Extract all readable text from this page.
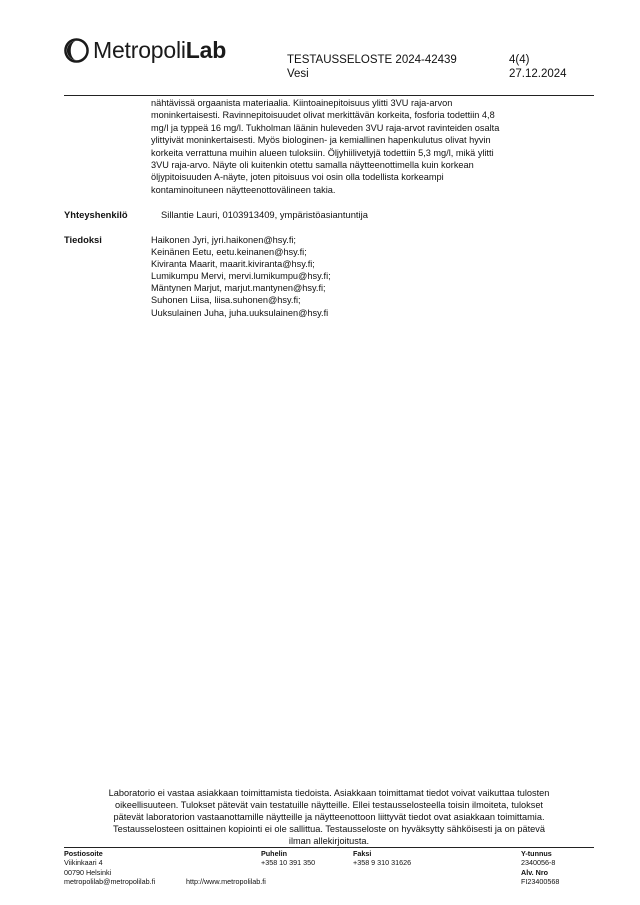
MetropoliLab	TESTAUSSELOSTE 2024-42439
Vesi
4(4)
27.12.2024

nähtävissä orgaanista materiaalia. Kiintoainepitoisuus ylitti 3VU raja-arvon

moninkertaisesti. Ravinnepitoisuudet olivat merkittävän korkeita, fosforia todettiin 4,8

mg/l ja typpeä 16 mg/l. Tukholman läänin huleveden 3VU raja-arvot ravinteiden osalta

ylittyivät moninkertaisesti. Myös biologinen- ja kemiallinen hapenkulutus olivat hyvin

korkeita verrattuna muihin alueen tuloksiin. Öljyhiilivetyjä todettiin 5,3 mg/l, mikä ylitti

3VU raja-arvo. Näyte oli kuitenkin otettu samalla näytteenottimella kuin korkean

öljypitoisuuden A-näyte, joten pitoisuus voi osin olla todellista korkeampi

kontaminoituneen näytteenottovälineen takia.

Yhteyshenkilö	Sillantie Lauri, 0103913409, ympäristöasiantuntija
Tiedoksi	Haikonen Jyri, jyri.haikonen@hsy.fi;
Keinänen Eetu, eetu.keinanen@hsy.fi;
Kiviranta Maarit, maarit.kiviranta@hsy.fi;
Lumikumpu Mervi, mervi.lumikumpu@hsy.fi;
Mäntynen Marjut, marjut.mantynen@hsy.fi;
Suhonen Liisa, liisa.suhonen@hsy.fi;
Uuksulainen Juha, juha.uuksulainen@hsy.fi
Laboratorio ei vastaa asiakkaan toimittamista tiedoista. Asiakkaan toimittamat tiedot voivat vaikuttaa tulosten
oikeellisuuteen. Tulokset pätevät vain testatuille näytteille. Ellei testausselosteella toisin ilmoiteta, tulokset
pätevät laboratorion vastaanottamille näytteille ja näytteenottoon liittyvät tiedot ovat asiakkaan toimittamia.
Testausselosteen osittainen kopiointi ei ole sallittua. Testausseloste on hyväksytty sähköisesti ja on pätevä
ilman allekirjoitusta.
Postiosoite
Viikinkaari 4
00790 Helsinki
metropolilab@metropolilab.fi	http://www.metropolilab.fi
Puhelin
+358 10 391 350
Faksi
+358 9 310 31626
Y-tunnus
2340056-8
Alv. Nro
FI23400568
